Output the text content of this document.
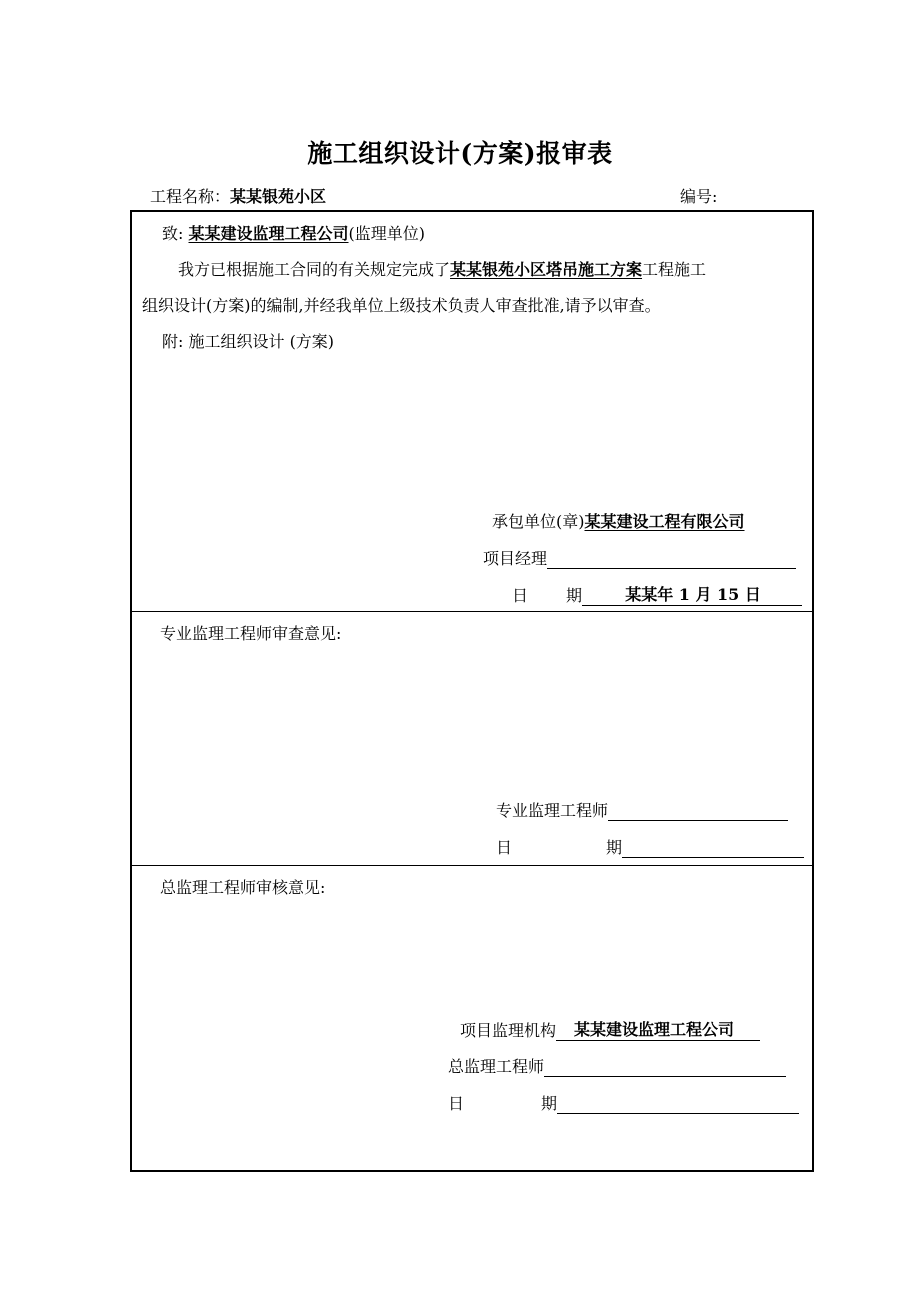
施工组织设计(方案)报审表
工程名称：某某银苑小区	编号:
致: 某某建设监理工程公司(监理单位)
我方已根据施工合同的有关规定完成了某某银苑小区塔吊施工方案工程施工
组织设计(方案)的编制,并经我单位上级技术负责人审查批准,请予以审查。
附: 施工组织设计 (方案)
承包单位(章)某某建设工程有限公司
项目经理
日 期	某某年 1 月 15 日
专业监理工程师审查意见:
专业监理工程师
日	期
总监理工程师审核意见:
项目监理机构 某某建设监理工程公司
总监理工程师
日	期
